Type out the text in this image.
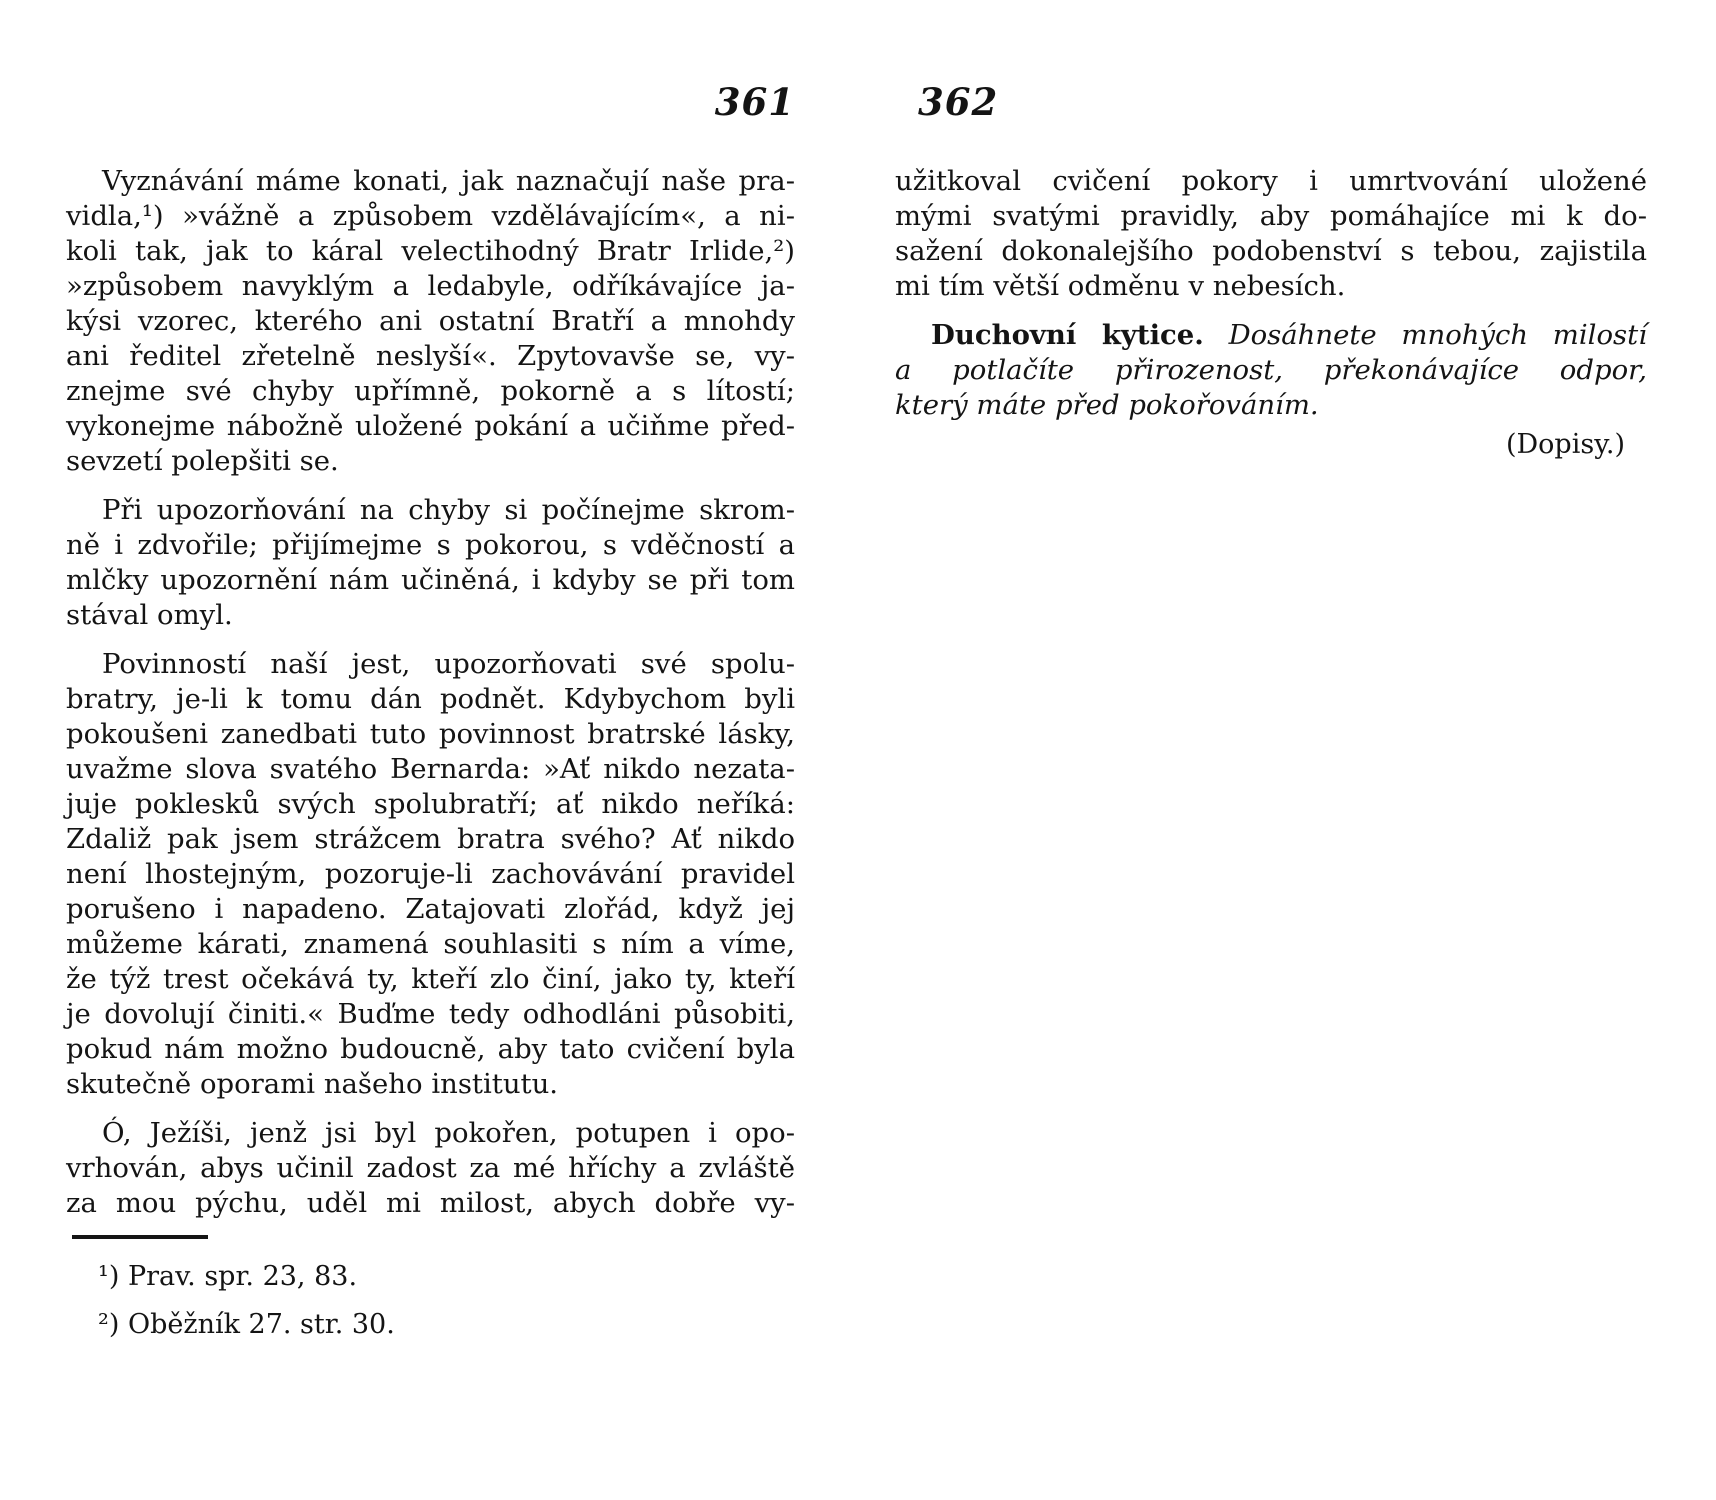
361	362
Vyznávání máme konati, jak naznačují naše pra-
vidla,¹) »vážně a způsobem vzdělávajícím«, a ni-
koli tak, jak to káral velectihodný Bratr Irlide,²)
»způsobem navyklým a ledabyle, odříkávajíce ja-
kýsi vzorec, kterého ani ostatní Bratří a mnohdy
ani ředitel zřetelně neslyší«. Zpytovavše se, vy-
znejme své chyby upřímně, pokorně a s lítostí;
vykonejme nábožně uložené pokání a učiňme před-
sevzetí polepšiti se.
Při upozorňování na chyby si počínejme skrom-
ně i zdvořile; přijímejme s pokorou, s vděčností a
mlčky upozornění nám učiněná, i kdyby se při tom
stával omyl.
Povinností naší jest, upozorňovati své spolu-
bratry, je-li k tomu dán podnět. Kdybychom byli
pokoušeni zanedbati tuto povinnost bratrské lásky,
uvažme slova svatého Bernarda: »Ať nikdo nezata-
juje poklesků svých spolubratří; ať nikdo neříká:
Zdaliž pak jsem strážcem bratra svého? Ať nikdo
není lhostejným, pozoruje-li zachovávání pravidel
porušeno i napadeno. Zatajovati zlořád, když jej
můžeme kárati, znamená souhlasiti s ním a víme,
že týž trest očekává ty, kteří zlo činí, jako ty, kteří
je dovolují činiti.« Buďme tedy odhodláni působiti,
pokud nám možno budoucně, aby tato cvičení byla
skutečně oporami našeho institutu.
Ó, Ježíši, jenž jsi byl pokořen, potupen i opo-
vrhován, abys učinil zadost za mé hříchy a zvláště
za mou pýchu, uděl mi milost, abych dobře vy-
¹) Prav. spr. 23, 83.
²) Oběžník 27. str. 30.
užitkoval cvičení pokory i umrtvování uložené
mými svatými pravidly, aby pomáhajíce mi k do-
sažení dokonalejšího podobenství s tebou, zajistila
mi tím větší odměnu v nebesích.
Duchovní kytice. Dosáhnete mnohých milostí
a potlačíte přirozenost, překonávajíce odpor,
který máte před pokořováním.
(Dopisy.)
